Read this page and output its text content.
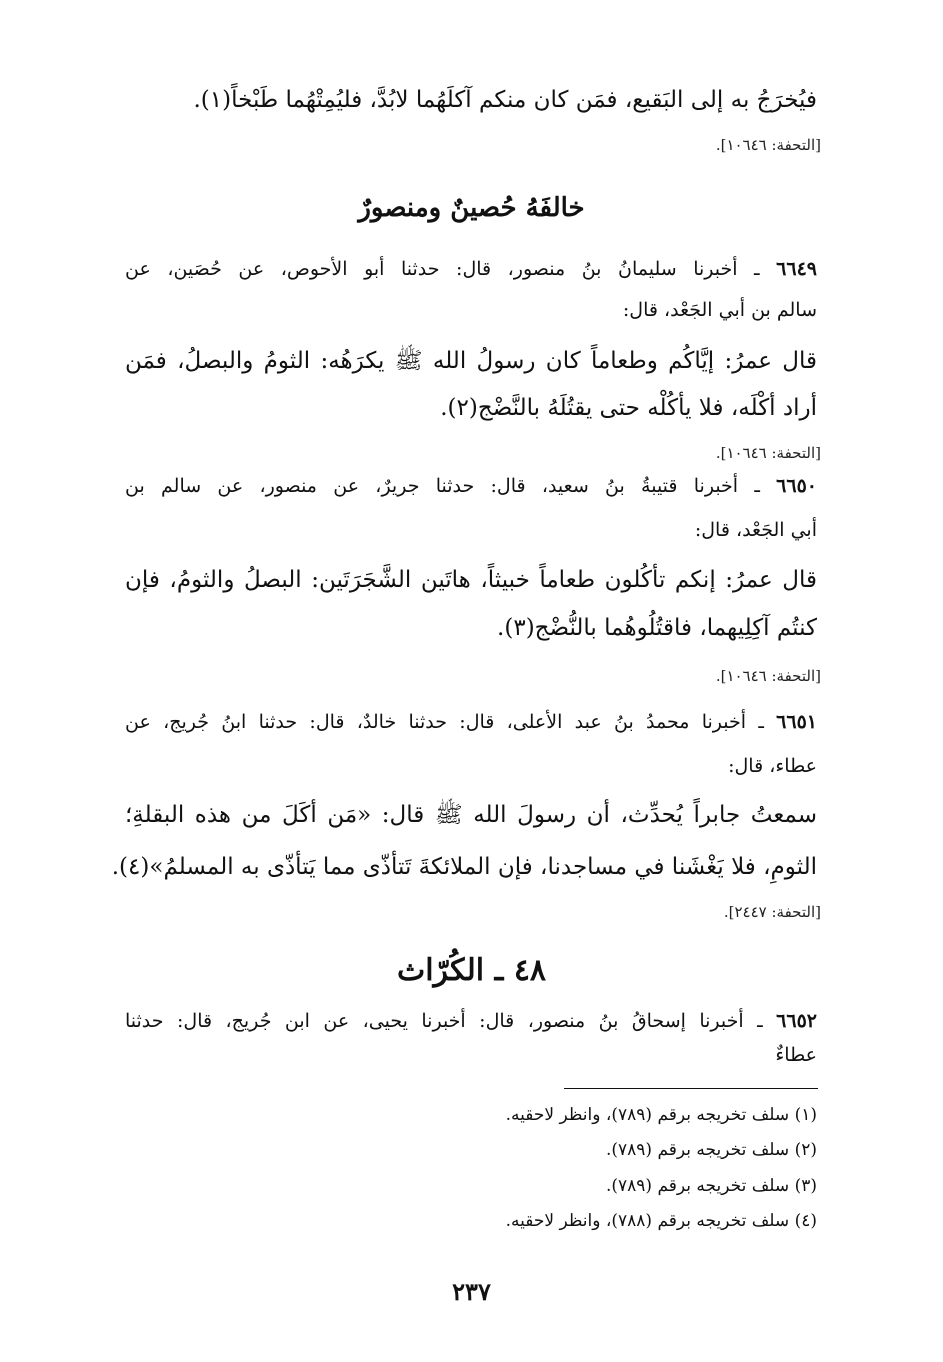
فيُخرَجُ به إلى البَقيع، فمَن كان منكم آكلَهُما لابُدَّ، فليُمِتْهُما طَبْخاً(١).
[التحفة: ١٠٦٤٦].
خالفَهُ حُصينٌ ومنصورٌ
٦٦٤٩ ـ أخبرنا سليمانُ بنُ منصور، قال: حدثنا أبو الأحوص، عن حُصَين، عن
سالم بن أبي الجَعْد، قال:
قال عمرُ: إيَّاكُم وطعاماً كان رسولُ الله ﷺ يكرَهُه: الثومُ والبصلُ، فمَن
أراد أكْلَه، فلا يأكُلْه حتى يقتُلَهُ بالنَّضْج(٢).
[التحفة: ١٠٦٤٦].
٦٦٥٠ ـ أخبرنا قتيبةُ بنُ سعيد، قال: حدثنا جريرٌ، عن منصور، عن سالم بن
أبي الجَعْد، قال:
قال عمرُ: إنكم تأكُلون طعاماً خبيثاً، هاتَين الشَّجَرَتَين: البصلُ والثومُ، فإن
كنتُم آكِلِيهما، فاقتُلُوهُما بالنُّضْج(٣).
[التحفة: ١٠٦٤٦].
٦٦٥١ ـ أخبرنا محمدُ بنُ عبد الأعلى، قال: حدثنا خالدٌ، قال: حدثنا ابنُ جُريج، عن
عطاء، قال:
سمعتُ جابراً يُحدِّث، أن رسولَ الله ﷺ قال: «مَن أكَلَ من هذه البقلةِ؛
الثومِ، فلا يَغْشَنا في مساجدنا، فإن الملائكةَ تَتأذّى مما يَتأذّى به المسلمُ»(٤).
[التحفة: ٢٤٤٧].
٤٨ ـ الكُرّاث
٦٦٥٢ ـ أخبرنا إسحاقُ بنُ منصور، قال: أخبرنا يحيى، عن ابن جُريج، قال: حدثنا
عطاءٌ
(١) سلف تخريجه برقم (٧٨٩)، وانظر لاحقيه.
(٢) سلف تخريجه برقم (٧٨٩).
(٣) سلف تخريجه برقم (٧٨٩).
(٤) سلف تخريجه برقم (٧٨٨)، وانظر لاحقيه.
٢٣٧
